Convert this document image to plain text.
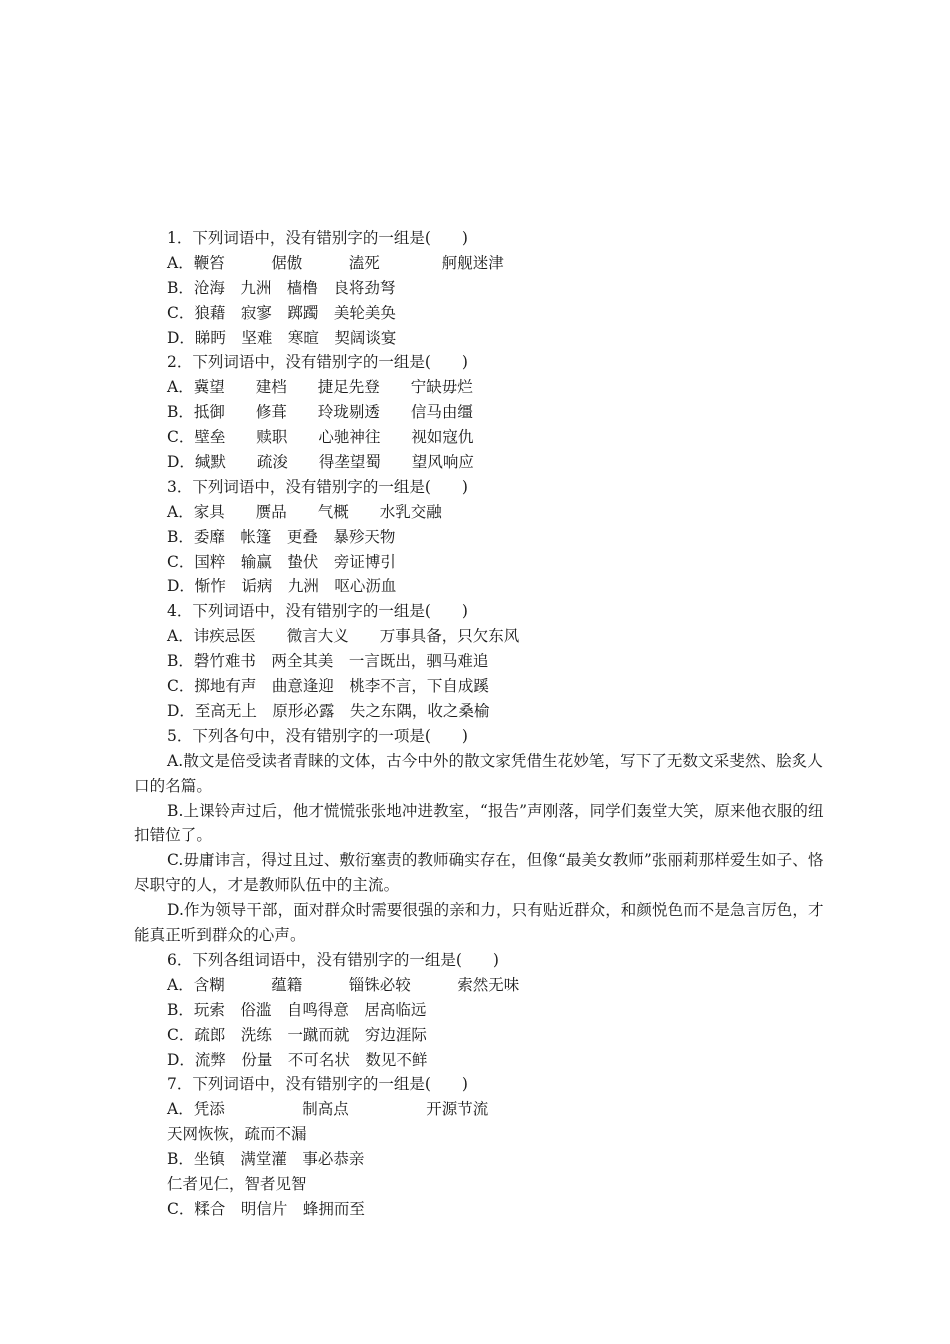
1．下列词语中，没有错别字的一组是(　　)
A．鞭笞　　　倨傲　　　溘死　　　　舸舰迷津
B．沧海　九洲　樯橹　良将劲弩
C．狼藉　寂寥　踯躅　美轮美奂
D．睇眄　坚难　寒暄　契阔谈宴
2．下列词语中，没有错别字的一组是(　　)
A．冀望　　建档　　捷足先登　　宁缺毋烂
B．抵御　　修葺　　玲珑剔透　　信马由缰
C．壁垒　　赎职　　心驰神往　　视如寇仇
D．缄默　　疏浚　　得垄望蜀　　望风响应
3．下列词语中，没有错别字的一组是(　　)
A．家具　　赝品　　气概　　水乳交融
B．委靡　帐篷　更叠　暴殄天物
C．国粹　输赢　蛰伏　旁证博引
D．惭怍　诟病　九洲　呕心沥血
4．下列词语中，没有错别字的一组是(　　)
A．讳疾忌医　　微言大义　　万事具备，只欠东风
B．磬竹难书　两全其美　一言既出，驷马难追
C．掷地有声　曲意逢迎　桃李不言，下自成蹊
D．至高无上　原形必露　失之东隅，收之桑榆
5．下列各句中，没有错别字的一项是(　　)
A.散文是倍受读者青睐的文体，古今中外的散文家凭借生花妙笔，写下了无数文采斐然、脍炙人口的名篇。
B.上课铃声过后，他才慌慌张张地冲进教室，“报告”声刚落，同学们轰堂大笑，原来他衣服的纽扣错位了。
C.毋庸讳言，得过且过、敷衍塞责的教师确实存在，但像“最美女教师”张丽莉那样爱生如子、恪尽职守的人，才是教师队伍中的主流。
D.作为领导干部，面对群众时需要很强的亲和力，只有贴近群众，和颜悦色而不是急言厉色，才能真正听到群众的心声。
6．下列各组词语中，没有错别字的一组是(　　)
A．含糊　　　蕴籍　　　锱铢必较　　　索然无味
B．玩索　俗滥　自鸣得意　居高临远
C．疏郎　洗练　一蹴而就　穷边涯际
D．流弊　份量　不可名状　数见不鲜
7．下列词语中，没有错别字的一组是(　　)
A．凭添　　　　　制高点　　　　　开源节流
天网恢恢，疏而不漏
B．坐镇　满堂灌　事必恭亲
仁者见仁，智者见智
C．糅合　明信片　蜂拥而至
